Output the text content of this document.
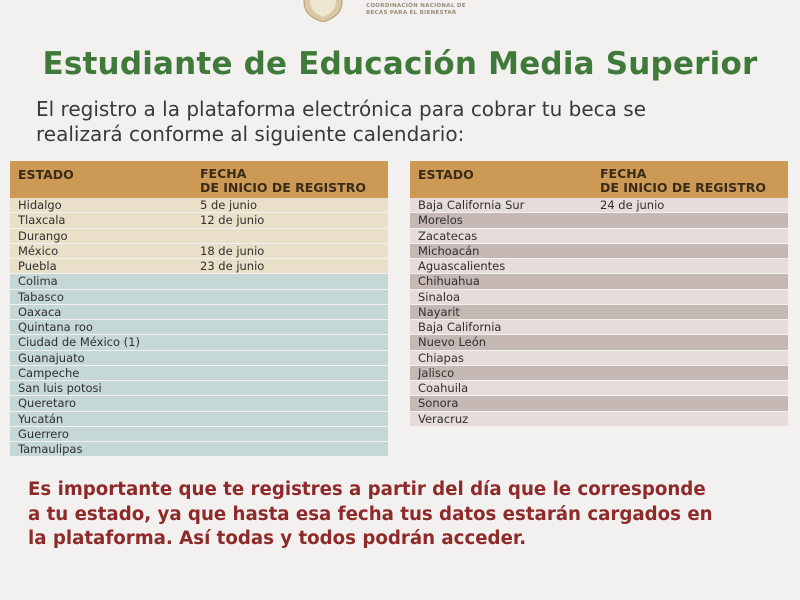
COORDINACIÓN NACIONAL DE
BECAS PARA EL BIENESTAR
Estudiante de Educación Media Superior
El registro a la plataforma electrónica para cobrar tu beca se
realizará conforme al siguiente calendario:
ESTADO	FECHA
DE INICIO DE REGISTRO
Hidalgo	5 de junio
Tlaxcala	12 de junio
Durango
México	18 de junio
Puebla	23 de junio
Colima
Tabasco
Oaxaca
Quintana roo
Ciudad de México (1)
Guanajuato
Campeche
San luis potosi
Queretaro
Yucatán
Guerrero
Tamaulipas
ESTADO	FECHA
DE INICIO DE REGISTRO
Baja California Sur	24 de junio
Morelos
Zacatecas
Michoacán
Aguascalientes
Chihuahua
Sinaloa
Nayarit
Baja California
Nuevo León
Chiapas
Jalisco
Coahuila
Sonora
Veracruz
Es importante que te registres a partir del día que le corresponde
a tu estado, ya que hasta esa fecha tus datos estarán cargados en
la plataforma. Así todas y todos podrán acceder.
